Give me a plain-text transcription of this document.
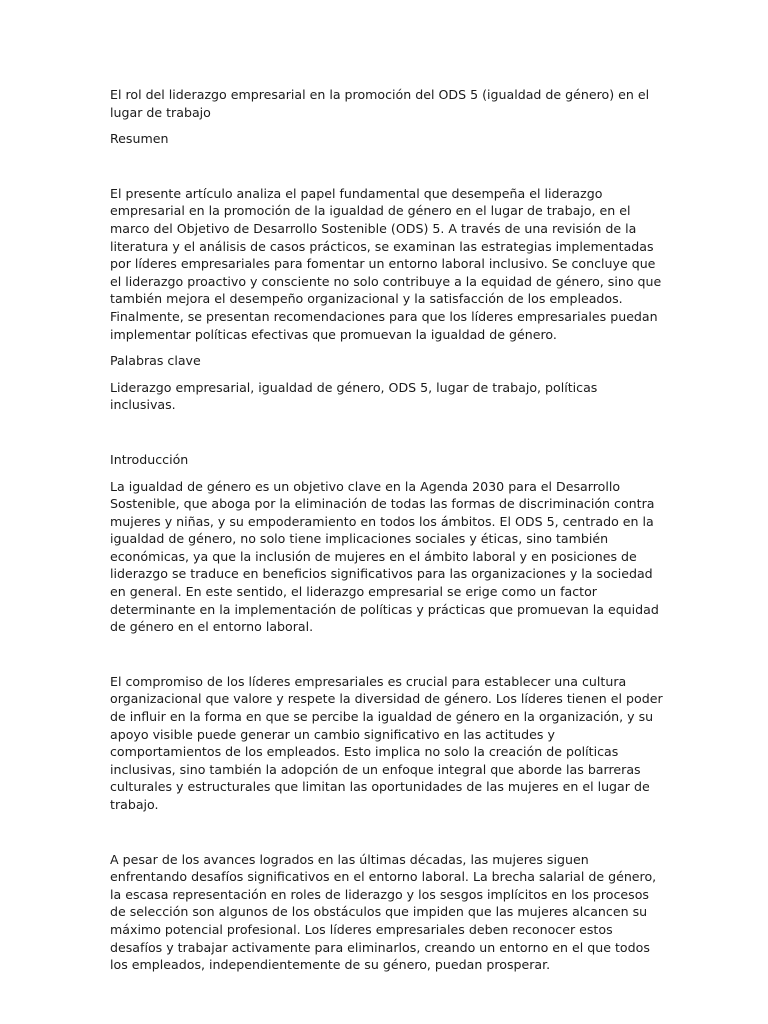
El rol del liderazgo empresarial en la promoción del ODS 5 (igualdad de género) en el lugar de trabajo

Resumen

El presente artículo analiza el papel fundamental que desempeña el liderazgo empresarial en la promoción de la igualdad de género en el lugar de trabajo, en el marco del Objetivo de Desarrollo Sostenible (ODS) 5. A través de una revisión de la literatura y el análisis de casos prácticos, se examinan las estrategias implementadas por líderes empresariales para fomentar un entorno laboral inclusivo. Se concluye que el liderazgo proactivo y consciente no solo contribuye a la equidad de género, sino que también mejora el desempeño organizacional y la satisfacción de los empleados. Finalmente, se presentan recomendaciones para que los líderes empresariales puedan implementar políticas efectivas que promuevan la igualdad de género.

Palabras clave

Liderazgo empresarial, igualdad de género, ODS 5, lugar de trabajo, políticas inclusivas.

Introducción

La igualdad de género es un objetivo clave en la Agenda 2030 para el Desarrollo Sostenible, que aboga por la eliminación de todas las formas de discriminación contra mujeres y niñas, y su empoderamiento en todos los ámbitos. El ODS 5, centrado en la igualdad de género, no solo tiene implicaciones sociales y éticas, sino también económicas, ya que la inclusión de mujeres en el ámbito laboral y en posiciones de liderazgo se traduce en beneficios significativos para las organizaciones y la sociedad en general. En este sentido, el liderazgo empresarial se erige como un factor determinante en la implementación de políticas y prácticas que promuevan la equidad de género en el entorno laboral.

El compromiso de los líderes empresariales es crucial para establecer una cultura organizacional que valore y respete la diversidad de género. Los líderes tienen el poder de influir en la forma en que se percibe la igualdad de género en la organización, y su apoyo visible puede generar un cambio significativo en las actitudes y comportamientos de los empleados. Esto implica no solo la creación de políticas inclusivas, sino también la adopción de un enfoque integral que aborde las barreras culturales y estructurales que limitan las oportunidades de las mujeres en el lugar de trabajo.

A pesar de los avances logrados en las últimas décadas, las mujeres siguen enfrentando desafíos significativos en el entorno laboral. La brecha salarial de género, la escasa representación en roles de liderazgo y los sesgos implícitos en los procesos de selección son algunos de los obstáculos que impiden que las mujeres alcancen su máximo potencial profesional. Los líderes empresariales deben reconocer estos desafíos y trabajar activamente para eliminarlos, creando un entorno en el que todos los empleados, independientemente de su género, puedan prosperar.
